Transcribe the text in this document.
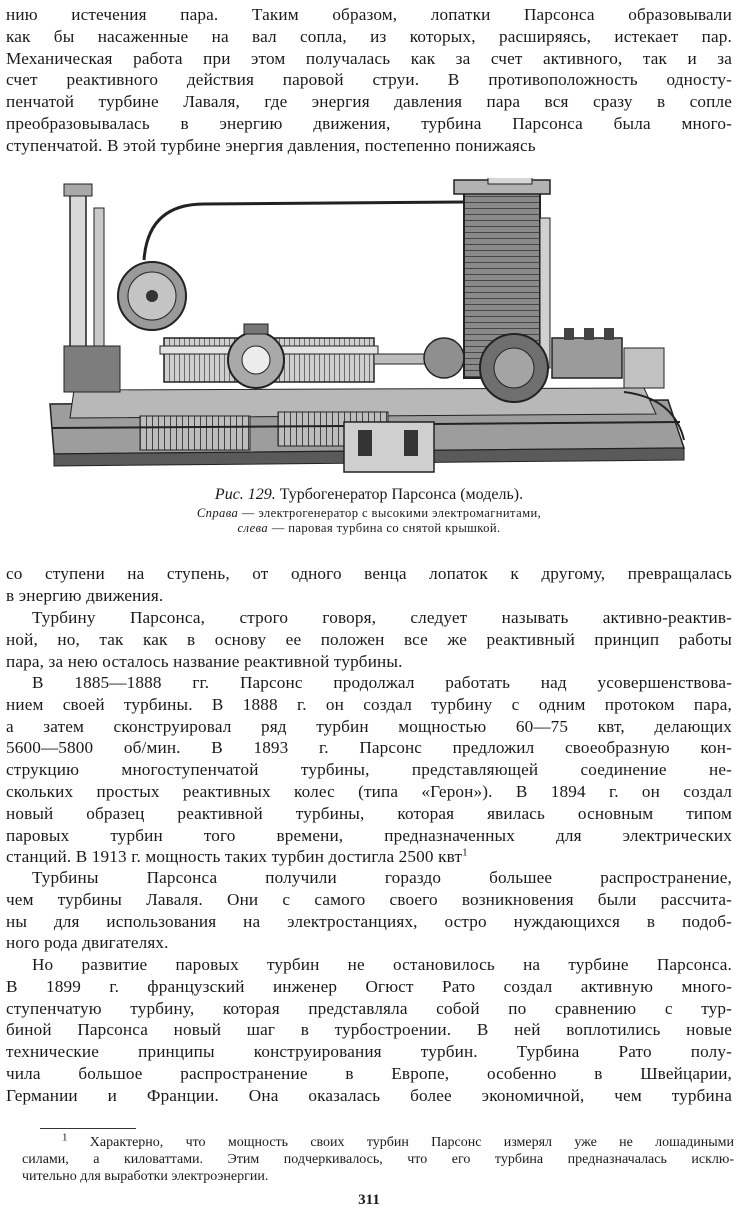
нию истечения пара. Таким образом, лопатки Парсонса образовывали
как бы насаженные на вал сопла, из которых, расширяясь, истекает пар.
Механическая работа при этом получалась как за счет активного, так и за
счет реактивного действия паровой струи. В противоположность односту-
пенчатой турбине Лаваля, где энергия давления пара вся сразу в сопле
преобразовывалась в энергию движения, турбина Парсонса была много-
ступенчатой. В этой турбине энергия давления, постепенно понижаясь

Рис. 129. Турбогенератор Парсонса (модель).
Справа — электрогенератор с высокими электромагнитами,
слева — паровая турбина со снятой крышкой.

со ступени на ступень, от одного венца лопаток к другому, превращалась
в энергию движения.

Турбину Парсонса, строго говоря, следует называть активно-реактив-
ной, но, так как в основу ее положен все же реактивный принцип работы
пара, за нею осталось название реактивной турбины.

В 1885—1888 гг. Парсонс продолжал работать над усовершенствова-
нием своей турбины. В 1888 г. он создал турбину с одним протоком пара,
а затем сконструировал ряд турбин мощностью 60—75 квт, делающих
5600—5800 об/мин. В 1893 г. Парсонс предложил своеобразную кон-
струкцию многоступенчатой турбины, представляющей соединение не-
скольких простых реактивных колес (типа «Герон»). В 1894 г. он создал
новый образец реактивной турбины, которая явилась основным типом
паровых турбин того времени, предназначенных для электрических
станций. В 1913 г. мощность таких турбин достигла 2500 квт$^1$

Турбины Парсонса получили гораздо большее распространение,
чем турбины Лаваля. Они с самого своего возникновения были рассчита-
ны для использования на электростанциях, остро нуждающихся в подоб-
ного рода двигателях.

Но развитие паровых турбин не остановилось на турбине Парсонса.
В 1899 г. французский инженер Огюст Рато создал активную много-
ступенчатую турбину, которая представляла собой по сравнению с тур-
биной Парсонса новый шаг в турбостроении. В ней воплотились новые
технические принципы конструирования турбин. Турбина Рато полу-
чила большое распространение в Европе, особенно в Швейцарии,
Германии и Франции. Она оказалась более экономичной, чем турбина

$^1$ Характерно, что мощность своих турбин Парсонс измерял уже не лошадиными
силами, а киловаттами. Этим подчеркивалось, что его турбина предназначалась исклю-
чительно для выработки электроэнергии.

311
